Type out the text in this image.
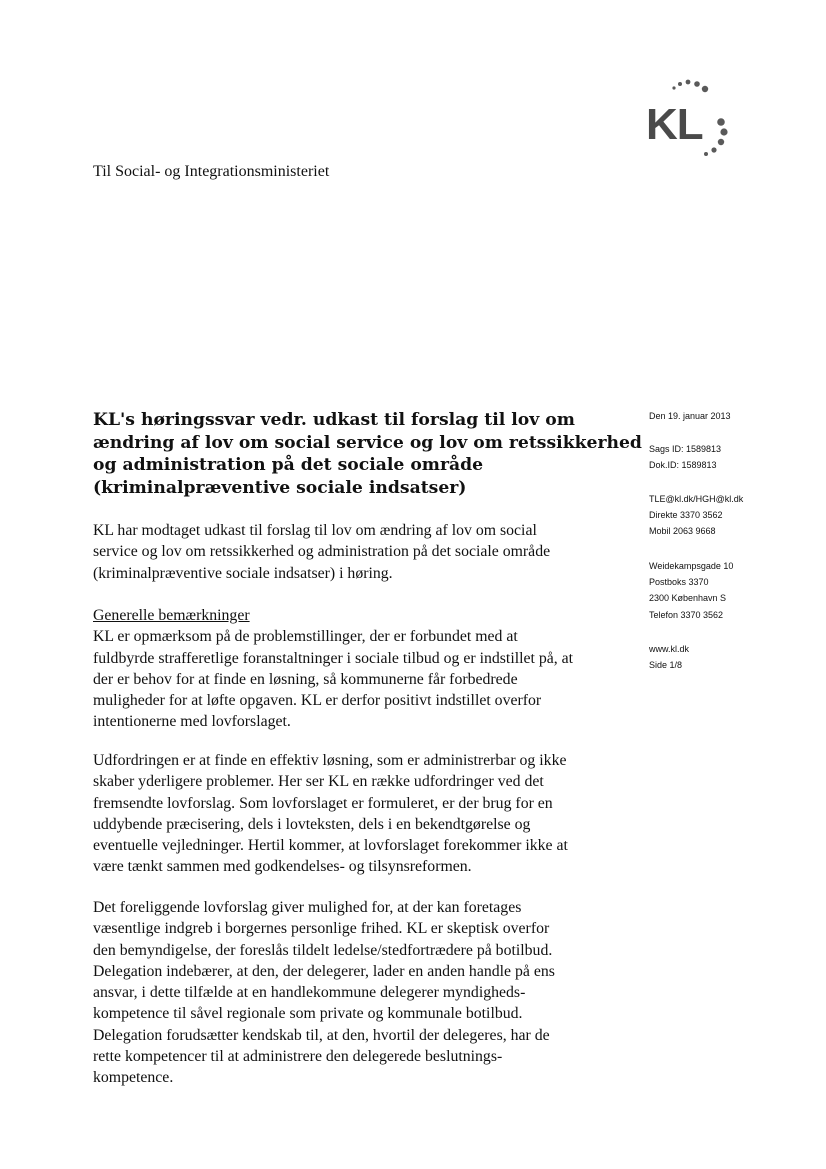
KL
Til Social- og Integrationsministeriet
KL's høringssvar vedr. udkast til forslag til lov om
ændring af lov om social service og lov om retssikkerhed
og administration på det sociale område
(kriminalpræventive sociale indsatser)
KL har modtaget udkast til forslag til lov om ændring af lov om social
service og lov om retssikkerhed og administration på det sociale område
(kriminalpræventive sociale indsatser) i høring.
Generelle bemærkninger
KL er opmærksom på de problemstillinger, der er forbundet med at
fuldbyrde strafferetlige foranstaltninger i sociale tilbud og er indstillet på, at
der er behov for at finde en løsning, så kommunerne får forbedrede
muligheder for at løfte opgaven. KL er derfor positivt indstillet overfor
intentionerne med lovforslaget.
Udfordringen er at finde en effektiv løsning, som er administrerbar og ikke
skaber yderligere problemer. Her ser KL en række udfordringer ved det
fremsendte lovforslag. Som lovforslaget er formuleret, er der brug for en
uddybende præcisering, dels i lovteksten, dels i en bekendtgørelse og
eventuelle vejledninger. Hertil kommer, at lovforslaget forekommer ikke at
være tænkt sammen med godkendelses- og tilsynsreformen.
Det foreliggende lovforslag giver mulighed for, at der kan foretages
væsentlige indgreb i borgernes personlige frihed. KL er skeptisk overfor
den bemyndigelse, der foreslås tildelt ledelse/stedfortrædere på botilbud.
Delegation indebærer, at den, der delegerer, lader en anden handle på ens
ansvar, i dette tilfælde at en handlekommune delegerer myndigheds-
kompetence til såvel regionale som private og kommunale botilbud.
Delegation forudsætter kendskab til, at den, hvortil der delegeres, har de
rette kompetencer til at administrere den delegerede beslutnings-
kompetence.
Den 19. januar 2013
Sags ID: 1589813
Dok.ID: 1589813
TLE@kl.dk/HGH@kl.dk
Direkte 3370 3562
Mobil 2063 9668
Weidekampsgade 10
Postboks 3370
2300 København S
Telefon 3370 3562
www.kl.dk
Side 1/8
